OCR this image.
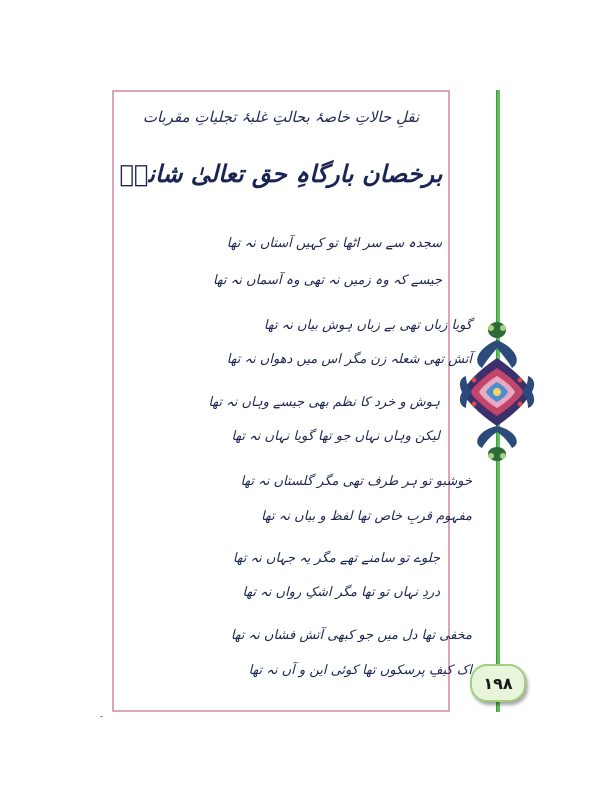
نقلِ حالاتِ خاصۂ بحالتِ غلبۂ تجلیاتِ مقربات
برخصان بارگاہِ حق تعالیٰ شانہٗ
سجدہ سے سر اٹھا تو کہیں آستاں نہ تھا
جیسے کہ وہ زمیں نہ تھی وہ آسماں نہ تھا
گویا زباں تھی بے زباں ہوش بیاں نہ تھا
آتش تھی شعلہ زن مگر اس میں دھواں نہ تھا
ہوش و خرد کا نظم بھی جیسے وہاں نہ تھا
لیکن وہاں نہاں جو تھا گویا نہاں نہ تھا
خوشبو تو ہر طرف تھی مگر گلستاں نہ تھا
مفہوم قربِ خاص تھا لفظ و بیاں نہ تھا
جلوے تو سامنے تھے مگر یہ جہاں نہ تھا
دردِ نہاں تو تھا مگر اشکِ رواں نہ تھا
مخفی تھا دل میں جو کبھی آتش فشاں نہ تھا
اک کیفِ پرسکوں تھا کوئی این و آں نہ تھا
۱۹۸
